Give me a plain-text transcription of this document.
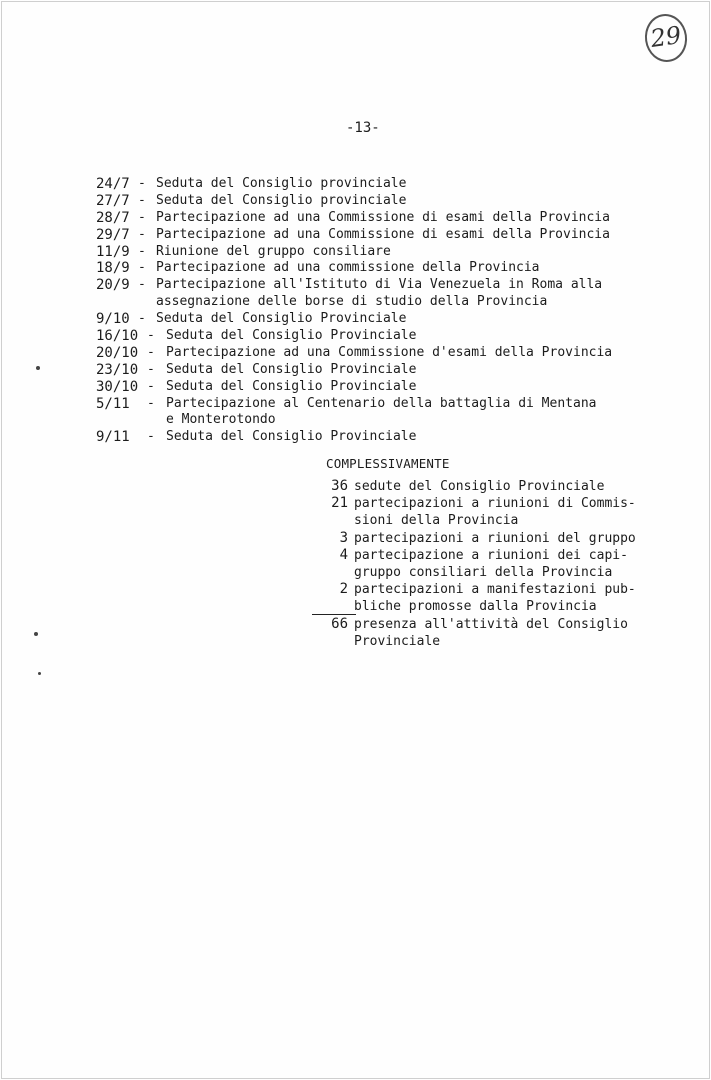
29
-13-
24/7 - Seduta del Consiglio provinciale
27/7 - Seduta del Consiglio provinciale
28/7 - Partecipazione ad una Commissione di esami della Provincia
29/7 - Partecipazione ad una Commissione di esami della Provincia
11/9 - Riunione del gruppo consiliare
18/9 - Partecipazione ad una commissione della Provincia
20/9 - Partecipazione all'Istituto di Via Venezuela in Roma alla
assegnazione delle borse di studio della Provincia
9/10 - Seduta del Consiglio Provinciale
16/10 - Seduta del Consiglio Provinciale
20/10 - Partecipazione ad una Commissione d'esami della Provincia
23/10 - Seduta del Consiglio Provinciale
30/10 - Seduta del Consiglio Provinciale
5/11 - Partecipazione al Centenario della battaglia di Mentana
e Monterotondo
9/11 - Seduta del Consiglio Provinciale
COMPLESSIVAMENTE
36 sedute del Consiglio Provinciale
21 partecipazioni a riunioni di Commis-
sioni della Provincia
3 partecipazioni a riunioni del gruppo
4 partecipazione a riunioni dei capi-
gruppo consiliari della Provincia
2 partecipazioni a manifestazioni pub-
bliche promosse dalla Provincia
66 presenza all'attività del Consiglio
Provinciale
